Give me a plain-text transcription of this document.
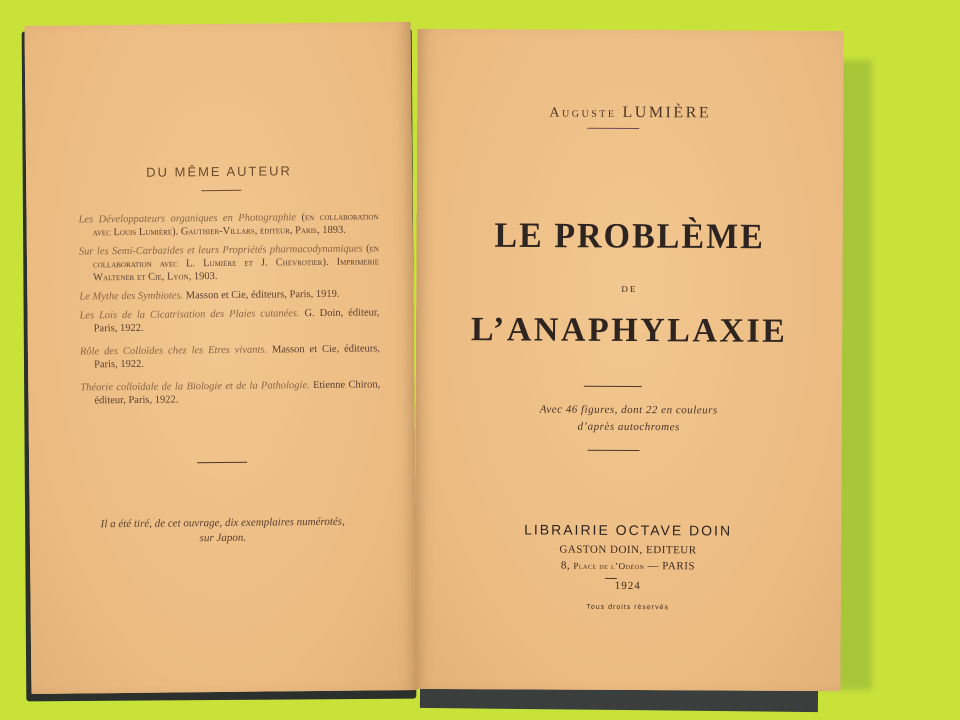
DU MÊME AUTEUR
Les Développateurs organiques en Photographie (en collaboration avec Louis Lumière). Gauthier-Villars, éditeur, Paris, 1893.
Sur les Semi-Carbazides et leurs Propriétés pharmacodynamiques (en collaboration avec L. Lumière et J. Chevrotier). Imprimerie Waltener et Cie, Lyon, 1903.
Le Mythe des Symbiotes. Masson et Cie, éditeurs, Paris, 1919.
Les Lois de la Cicatrisation des Plaies cutanées. G. Doin, éditeur, Paris, 1922.
Rôle des Colloïdes chez les Etres vivants. Masson et Cie, éditeurs, Paris, 1922.
Théorie colloïdale de la Biologie et de la Pathologie. Etienne Chiron, éditeur, Paris, 1922.
Il a été tiré, de cet ouvrage, dix exemplaires numérotés,
sur Japon.
Auguste LUMIÈRE
LE PROBLÈME
DE
L’ANAPHYLAXIE
Avec 46 figures, dont 22 en couleurs
d’après autochromes
LIBRAIRIE OCTAVE DOIN
GASTON DOIN, EDITEUR
8, Place de l’Odéon — PARIS
1924
Tous droits réservés
